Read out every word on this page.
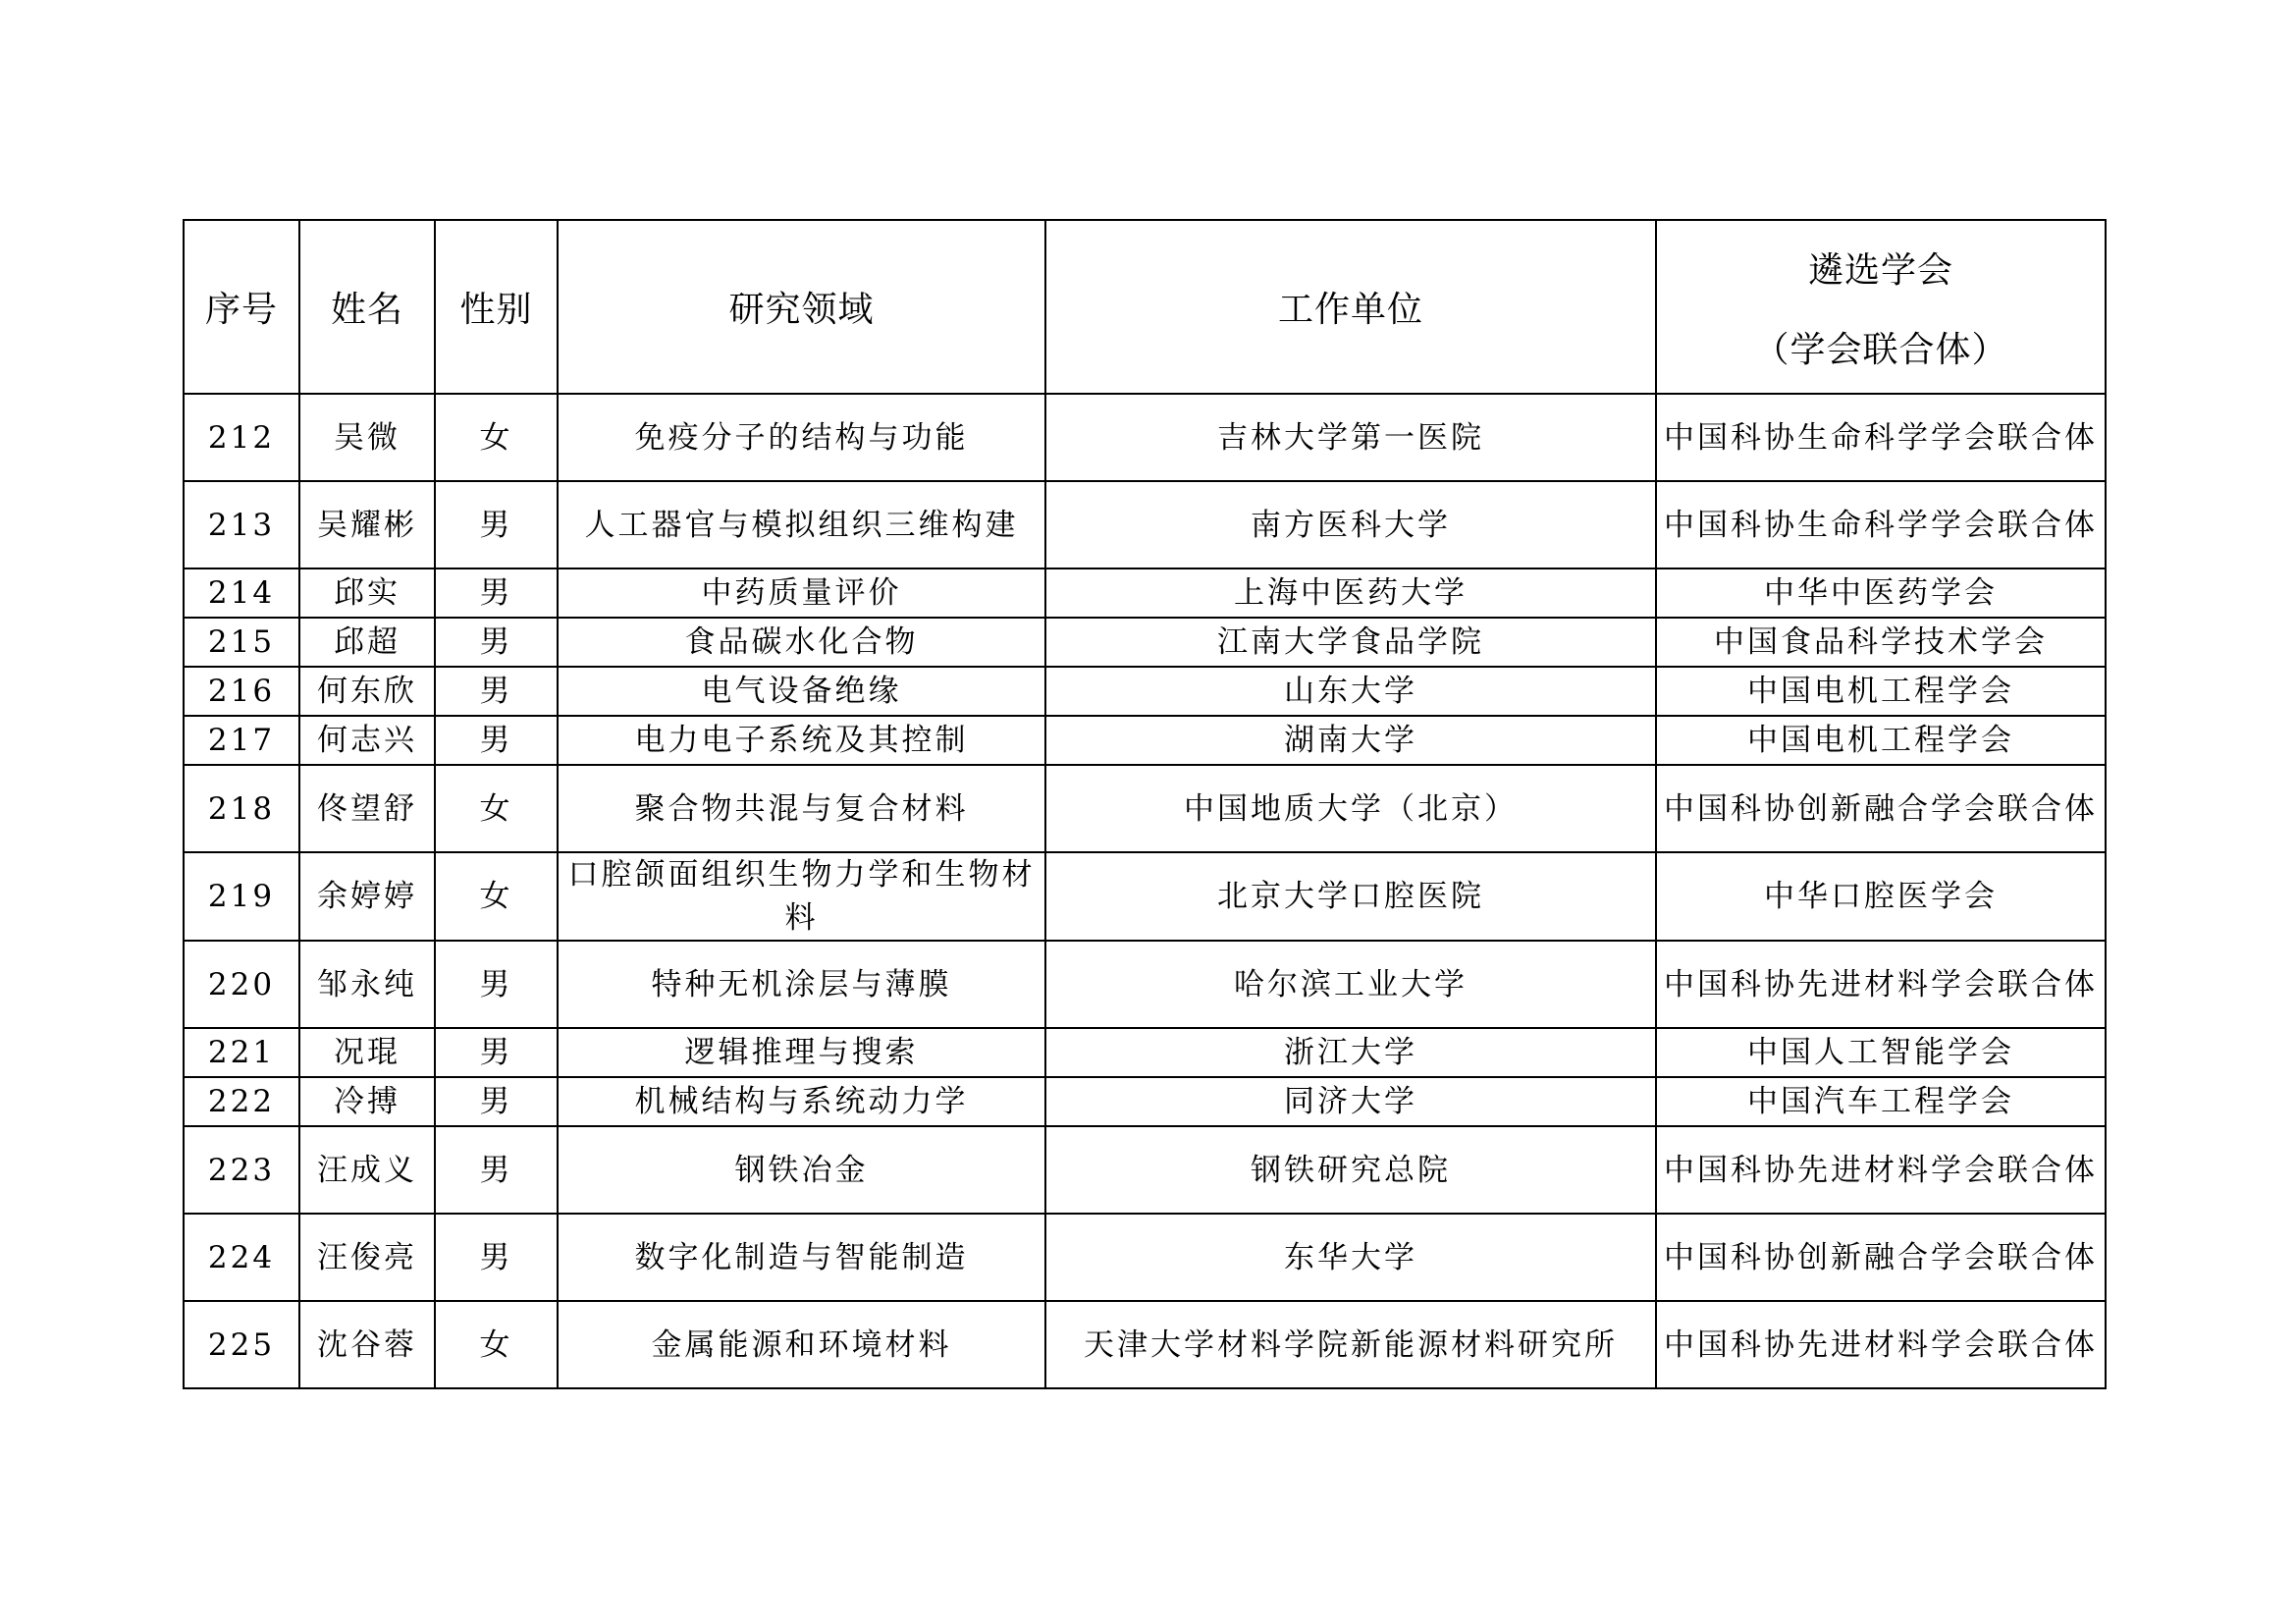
序号	姓名	性别	研究领域	工作单位	遴选学会
（学会联合体）

212	吴微	女	免疫分子的结构与功能	吉林大学第一医院	中国科协生命科学学会联合体
213	吴耀彬	男	人工器官与模拟组织三维构建	南方医科大学	中国科协生命科学学会联合体
214	邱实	男	中药质量评价	上海中医药大学	中华中医药学会
215	邱超	男	食品碳水化合物	江南大学食品学院	中国食品科学技术学会
216	何东欣	男	电气设备绝缘	山东大学	中国电机工程学会
217	何志兴	男	电力电子系统及其控制	湖南大学	中国电机工程学会
218	佟望舒	女	聚合物共混与复合材料	中国地质大学（北京）	中国科协创新融合学会联合体
219	余婷婷	女	口腔颌面组织生物力学和生物材料	北京大学口腔医院	中华口腔医学会
220	邹永纯	男	特种无机涂层与薄膜	哈尔滨工业大学	中国科协先进材料学会联合体
221	况琨	男	逻辑推理与搜索	浙江大学	中国人工智能学会
222	冷搏	男	机械结构与系统动力学	同济大学	中国汽车工程学会
223	汪成义	男	钢铁冶金	钢铁研究总院	中国科协先进材料学会联合体
224	汪俊亮	男	数字化制造与智能制造	东华大学	中国科协创新融合学会联合体
225	沈谷蓉	女	金属能源和环境材料	天津大学材料学院新能源材料研究所	中国科协先进材料学会联合体
